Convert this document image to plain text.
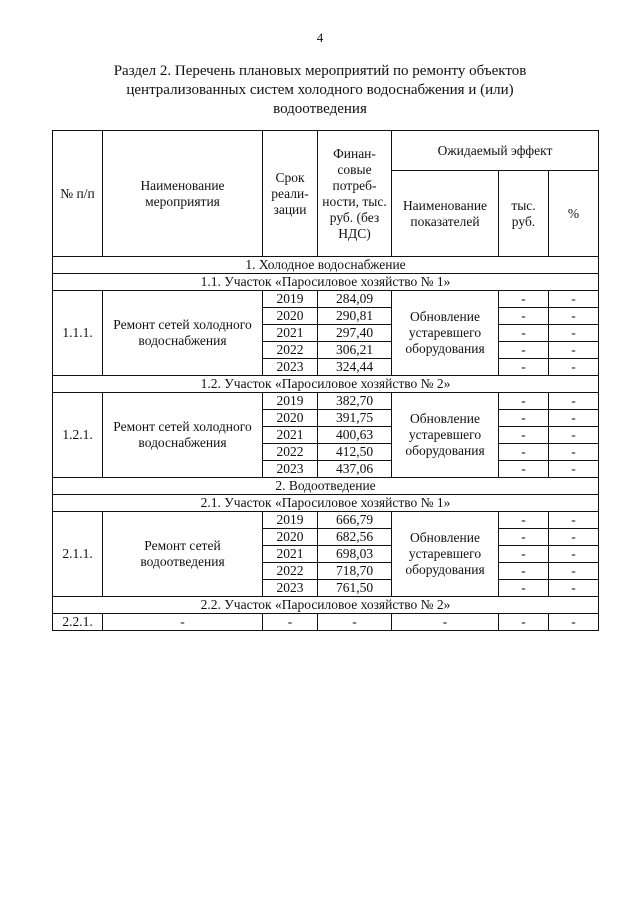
4
Раздел 2. Перечень плановых мероприятий по ремонту объектов
централизованных систем холодного водоснабжения и (или)
водоотведения
№ п/п	Наименование мероприятия	Срок реали-зации	Финан-совые потреб-ности, тыс. руб. (без НДС)	Ожидаемый эффект		
				Наименование показателей	тыс. руб.	%
1. Холодное водоснабжение						
1.1. Участок «Паросиловое хозяйство № 1»						
1.1.1.	Ремонт сетей холодного водоснабжения	2019	284,09	Обновление устаревшего оборудования	-	-
		2020	290,81		-	-
		2021	297,40		-	-
		2022	306,21		-	-
		2023	324,44		-	-
1.2. Участок «Паросиловое хозяйство № 2»						
1.2.1.	Ремонт сетей холодного водоснабжения	2019	382,70	Обновление устаревшего оборудования	-	-
		2020	391,75		-	-
		2021	400,63		-	-
		2022	412,50		-	-
		2023	437,06		-	-
2. Водоотведение						
2.1. Участок «Паросиловое хозяйство № 1»						
2.1.1.	Ремонт сетей водоотведения	2019	666,79	Обновление устаревшего оборудования	-	-
		2020	682,56		-	-
		2021	698,03		-	-
		2022	718,70		-	-
		2023	761,50		-	-
2.2. Участок «Паросиловое хозяйство № 2»						
2.2.1.	-	-	-	-	-	-
